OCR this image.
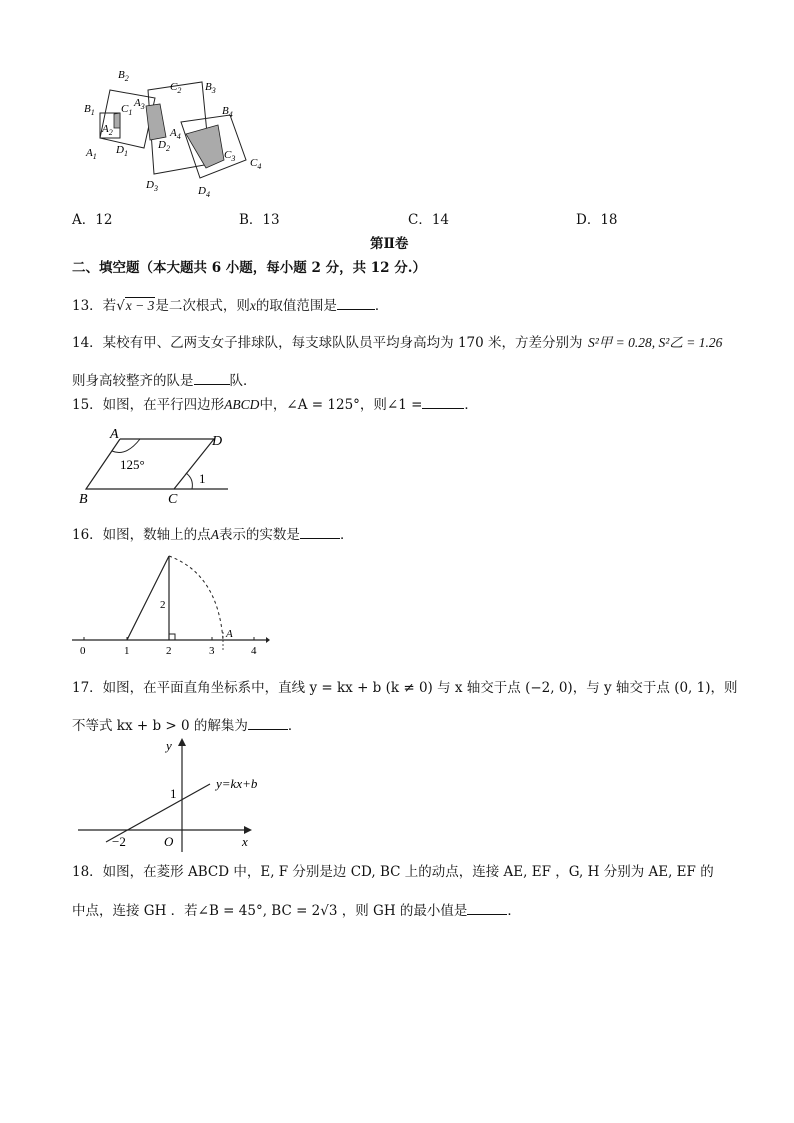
$B_1$
$B_2$
$C_2$ $B_3$
$B_4$
$C_1$
$A_3$
$A_2$	$A_4$
$D_2$
$C_3$ $C_4$
$A_1$
$D_1$
$D_3$	$D_4$
A．12	B．13	C．14	D．18
第Ⅱ卷
二、填空题（本大题共 6 小题，每小题 2 分，共 12 分.）
13．若√x − 3是二次根式，则x的取值范围是	．
14．某校有甲、乙两支女子排球队，每支球队队员平均身高均为 170 米，方差分别为 S²甲 = 0.28, S²乙 = 1.26
则身高较整齐的队是	队．
15．如图，在平行四边形ABCD中，∠A = 125°，则∠1 =	．
A	D
B	C
125°
1
16．如图，数轴上的点A表示的实数是	．
0	1	2	3	4
2
A
17．如图，在平面直角坐标系中，直线 y = kx + b (k ≠ 0) 与 x 轴交于点 (−2, 0)，与 y 轴交于点 (0, 1)，则
不等式 kx + b > 0 的解集为	．
y
x
1
O
−2
y=kx+b
18．如图，在菱形 ABCD 中，E, F 分别是边 CD, BC 上的动点，连接 AE, EF ，G, H 分别为 AE, EF 的
中点，连接 GH ．若∠B = 45°, BC = 2√3 ，则 GH 的最小值是	．
